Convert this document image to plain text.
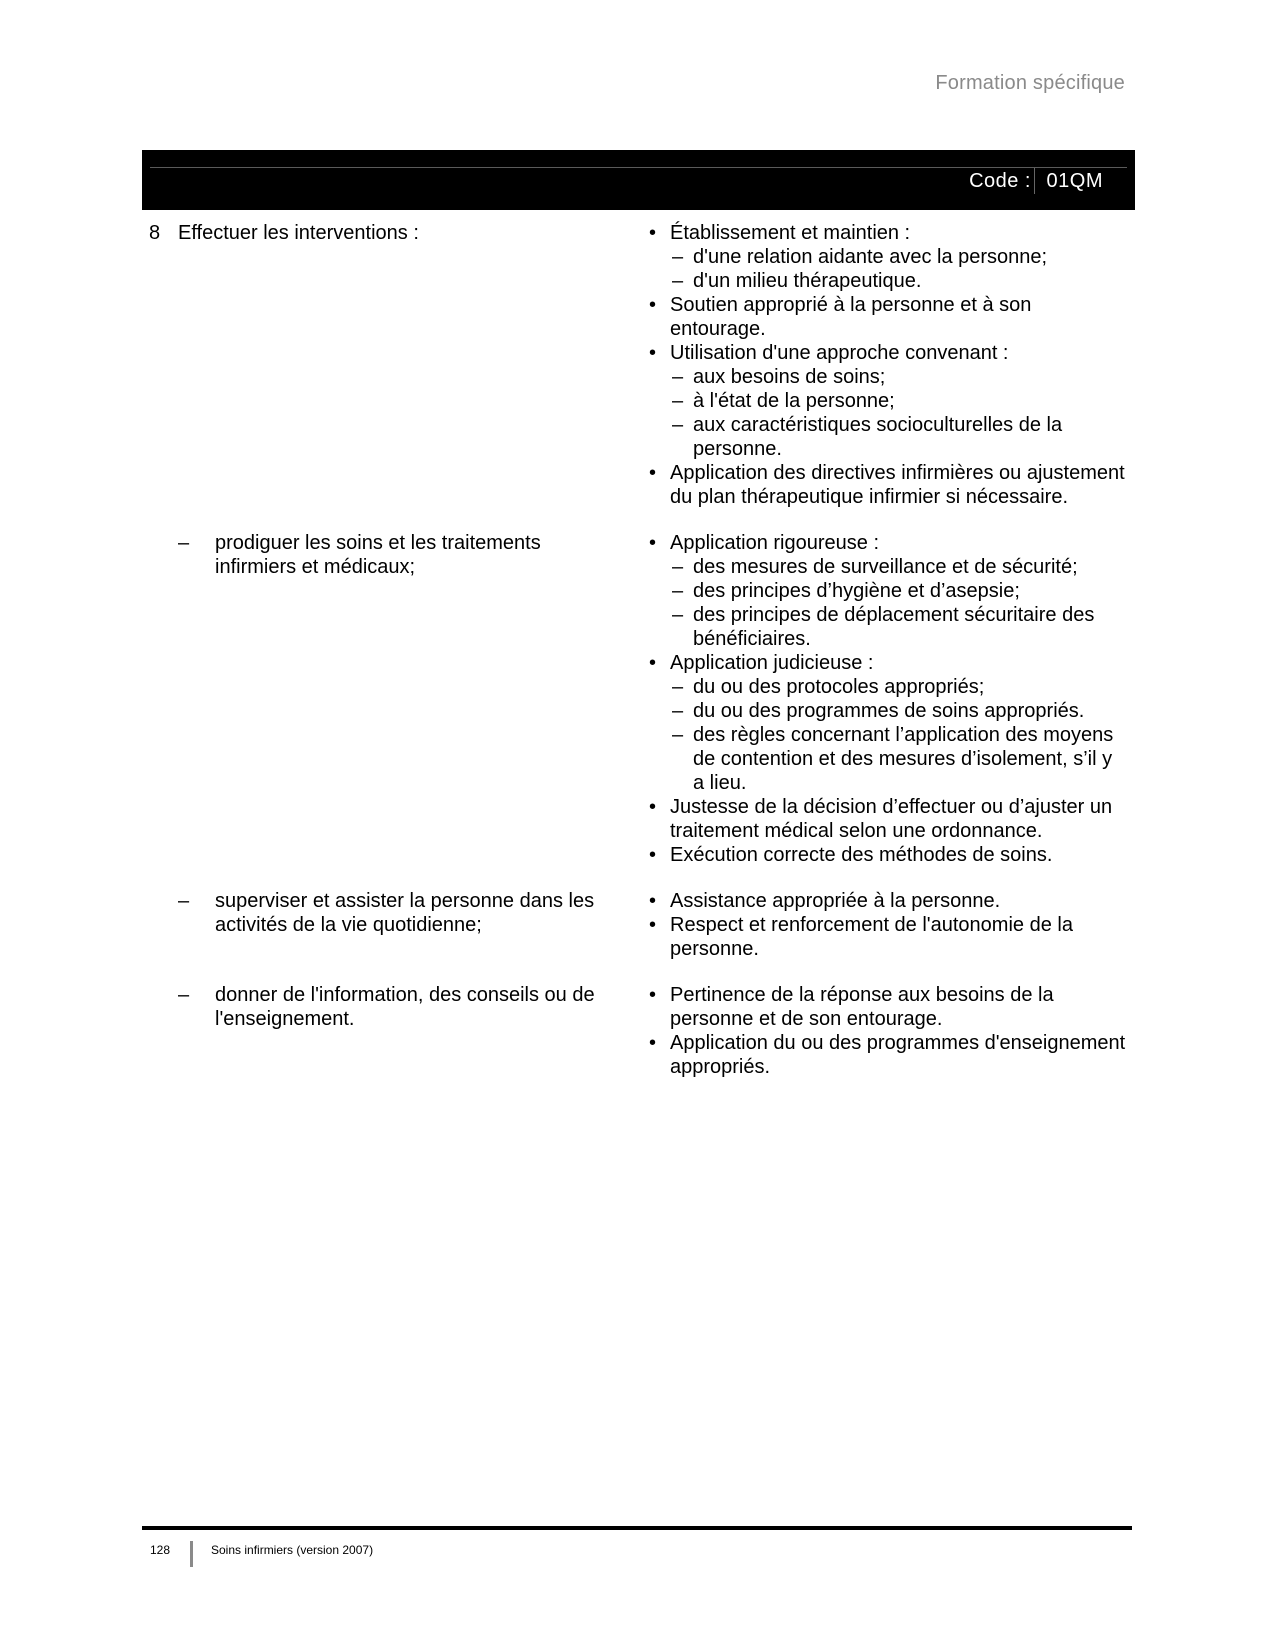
Formation spécifique
Code : 01QM
8 Effectuer les interventions :	• Établissement et maintien :
– d'une relation aidante avec la personne;
– d'un milieu thérapeutique.
• Soutien approprié à la personne et à son entourage.
• Utilisation d'une approche convenant :
– aux besoins de soins;
– à l'état de la personne;
– aux caractéristiques socioculturelles de la personne.
• Application des directives infirmières ou ajustement du plan thérapeutique infirmier si nécessaire.
–	prodiguer les soins et les traitements infirmiers et médicaux;
• Application rigoureuse :
– des mesures de surveillance et de sécurité;
– des principes d’hygiène et d’asepsie;
– des principes de déplacement sécuritaire des bénéficiaires.
• Application judicieuse :
– du ou des protocoles appropriés;
– du ou des programmes de soins appropriés.
– des règles concernant l’application des moyens de contention et des mesures d’isolement, s’il y a lieu.
• Justesse de la décision d’effectuer ou d’ajuster un traitement médical selon une ordonnance.
• Exécution correcte des méthodes de soins.
–	superviser et assister la personne dans les activités de la vie quotidienne;
• Assistance appropriée à la personne.
• Respect et renforcement de l'autonomie de la personne.
–	donner de l'information, des conseils ou de l'enseignement.
• Pertinence de la réponse aux besoins de la personne et de son entourage.
• Application du ou des programmes d'enseignement appropriés.
128	Soins infirmiers (version 2007)
